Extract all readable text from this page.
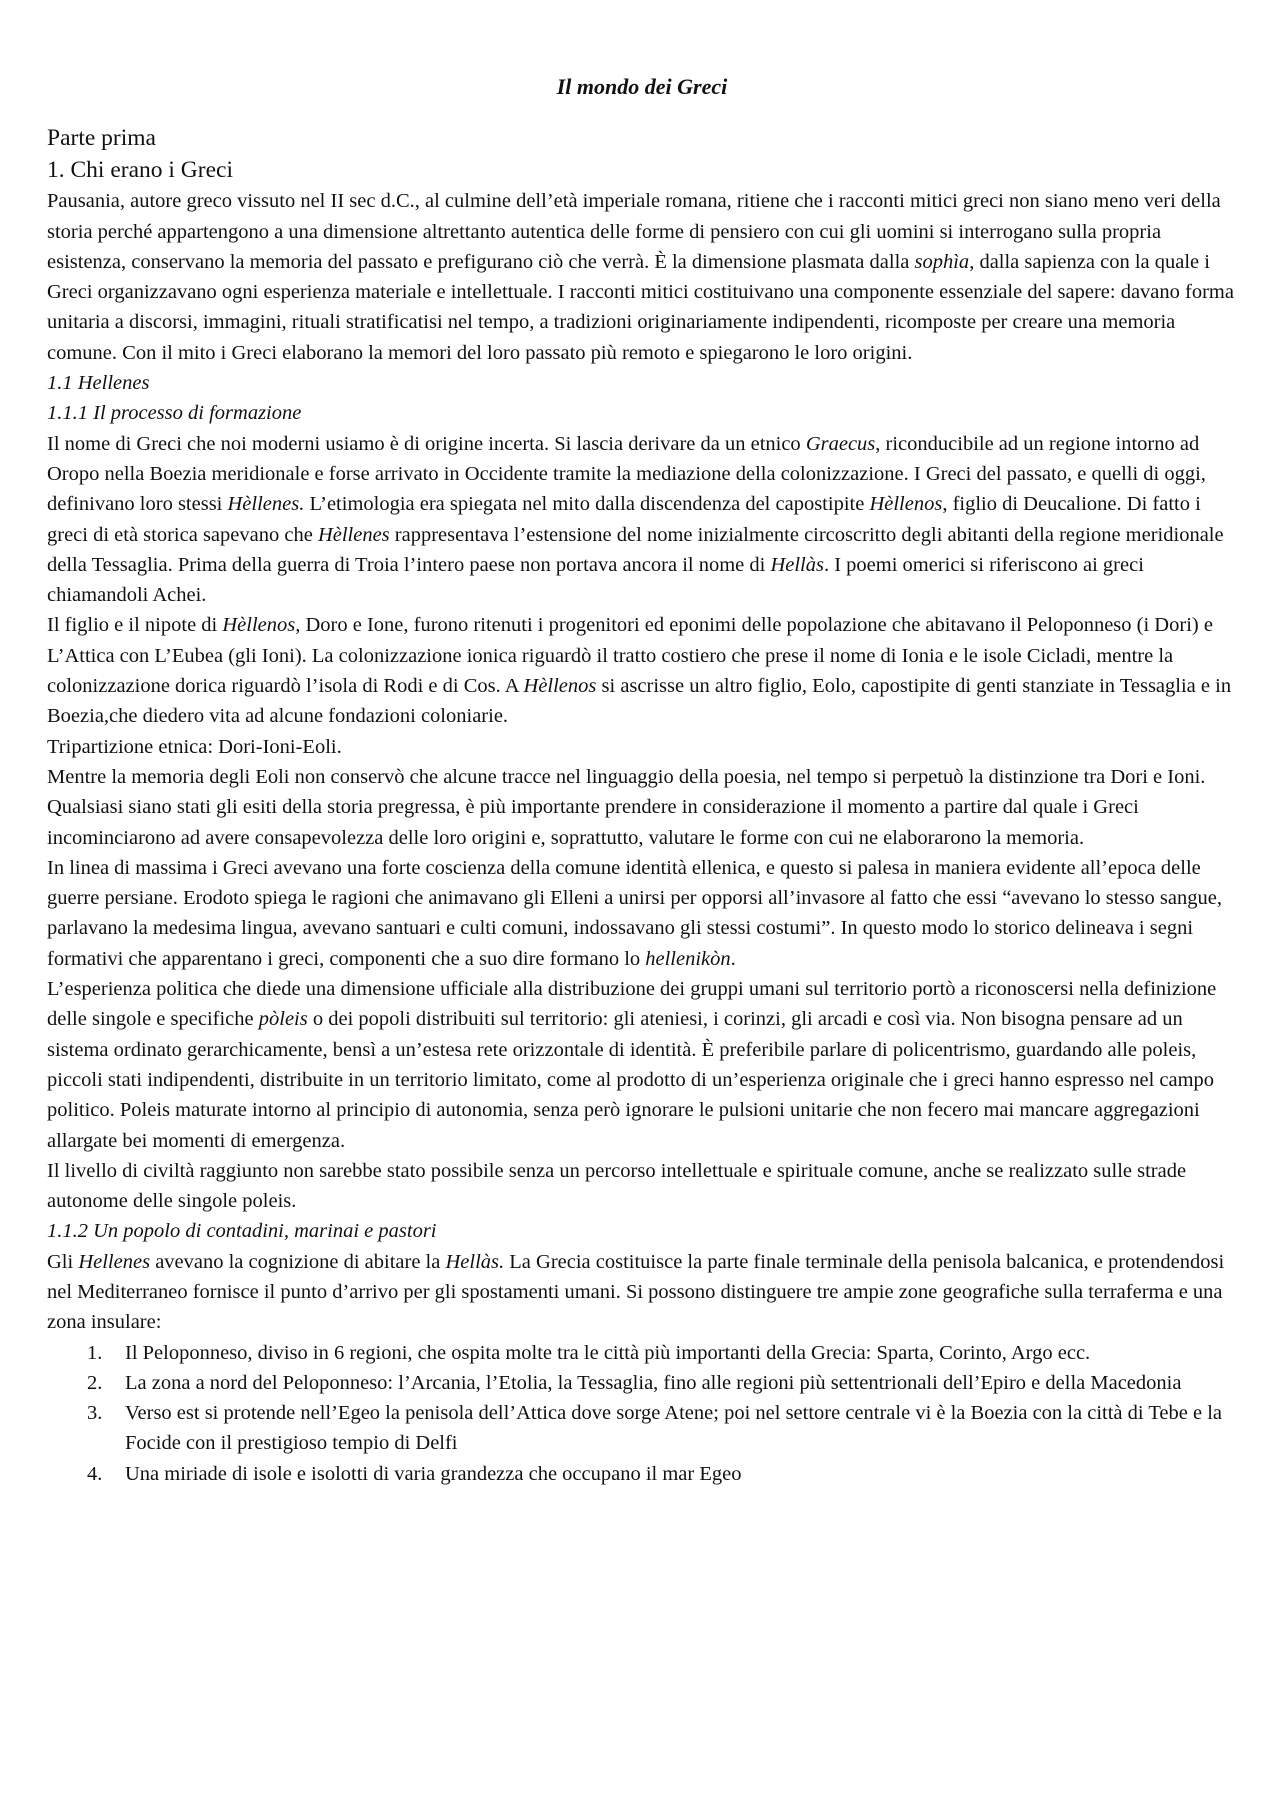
Il mondo dei Greci
Parte prima
1. Chi erano i Greci

Pausania, autore greco vissuto nel II sec d.C., al culmine dell’età imperiale romana, ritiene che i racconti mitici greci non siano meno veri della storia perché appartengono a una dimensione altrettanto autentica delle forme di pensiero con cui gli uomini si interrogano sulla propria esistenza, conservano la memoria del passato e prefigurano ciò che verrà. È la dimensione plasmata dalla sophìa, dalla sapienza con la quale i Greci organizzavano ogni esperienza materiale e intellettuale. I racconti mitici costituivano una componente essenziale del sapere: davano forma unitaria a discorsi, immagini, rituali stratificatisi nel tempo, a tradizioni originariamente indipendenti, ricomposte per creare una memoria comune. Con il mito i Greci elaborano la memori del loro passato più remoto e spiegarono le loro origini.

1.1 Hellenes
1.1.1 Il processo di formazione

Il nome di Greci che noi moderni usiamo è di origine incerta. Si lascia derivare da un etnico Graecus, riconducibile ad un regione intorno ad Oropo nella Boezia meridionale e forse arrivato in Occidente tramite la mediazione della colonizzazione. I Greci del passato, e quelli di oggi, definivano loro stessi Hèllenes. L’etimologia era spiegata nel mito dalla discendenza del capostipite Hèllenos, figlio di Deucalione. Di fatto i greci di età storica sapevano che Hèllenes rappresentava l’estensione del nome inizialmente circoscritto degli abitanti della regione meridionale della Tessaglia. Prima della guerra di Troia l’intero paese non portava ancora il nome di Hellàs. I poemi omerici si riferiscono ai greci chiamandoli Achei.

Il figlio e il nipote di Hèllenos, Doro e Ione, furono ritenuti i progenitori ed eponimi delle popolazione che abitavano il Peloponneso (i Dori) e L’Attica con L’Eubea (gli Ioni). La colonizzazione ionica riguardò il tratto costiero che prese il nome di Ionia e le isole Cicladi, mentre la colonizzazione dorica riguardò l’isola di Rodi e di Cos. A Hèllenos si ascrisse un altro figlio, Eolo, capostipite di genti stanziate in Tessaglia e in Boezia,che diedero vita ad alcune fondazioni coloniarie.

Tripartizione etnica: Dori-Ioni-Eoli.

Mentre la memoria degli Eoli non conservò che alcune tracce nel linguaggio della poesia, nel tempo si perpetuò la distinzione tra Dori e Ioni.

Qualsiasi siano stati gli esiti della storia pregressa, è più importante prendere in considerazione il momento a partire dal quale i Greci incominciarono ad avere consapevolezza delle loro origini e, soprattutto, valutare le forme con cui ne elaborarono la memoria.

In linea di massima i Greci avevano una forte coscienza della comune identità ellenica, e questo si palesa in maniera evidente all’epoca delle guerre persiane. Erodoto spiega le ragioni che animavano gli Elleni a unirsi per opporsi all’invasore al fatto che essi “avevano lo stesso sangue, parlavano la medesima lingua, avevano santuari e culti comuni, indossavano gli stessi costumi”. In questo modo lo storico delineava i segni formativi che apparentano i greci, componenti che a suo dire formano lo hellenikòn.

L’esperienza politica che diede una dimensione ufficiale alla distribuzione dei gruppi umani sul territorio portò a riconoscersi nella definizione delle singole e specifiche pòleis o dei popoli distribuiti sul territorio: gli ateniesi, i corinzi, gli arcadi e così via. Non bisogna pensare ad un sistema ordinato gerarchicamente, bensì a un’estesa rete orizzontale di identità. È preferibile parlare di policentrismo, guardando alle poleis, piccoli stati indipendenti, distribuite in un territorio limitato, come al prodotto di un’esperienza originale che i greci hanno espresso nel campo politico. Poleis maturate intorno al principio di autonomia, senza però ignorare le pulsioni unitarie che non fecero mai mancare aggregazioni allargate bei momenti di emergenza.

Il livello di civiltà raggiunto non sarebbe stato possibile senza un percorso intellettuale e spirituale comune, anche se realizzato sulle strade autonome delle singole poleis.

1.1.2 Un popolo di contadini, marinai e pastori

Gli Hellenes avevano la cognizione di abitare la Hellàs. La Grecia costituisce la parte finale terminale della penisola balcanica, e protendendosi nel Mediterraneo fornisce il punto d’arrivo per gli spostamenti umani. Si possono distinguere tre ampie zone geografiche sulla terraferma e una zona insulare:

1. Il Peloponneso, diviso in 6 regioni, che ospita molte tra le città più importanti della Grecia: Sparta, Corinto, Argo ecc.
2. La zona a nord del Peloponneso: l’Arcania, l’Etolia, la Tessaglia, fino alle regioni più settentrionali dell’Epiro e della Macedonia
3. Verso est si protende nell’Egeo la penisola dell’Attica dove sorge Atene; poi nel settore centrale vi è la Boezia con la città di Tebe e la Focide con il prestigioso tempio di Delfi
4. Una miriade di isole e isolotti di varia grandezza che occupano il mar Egeo
